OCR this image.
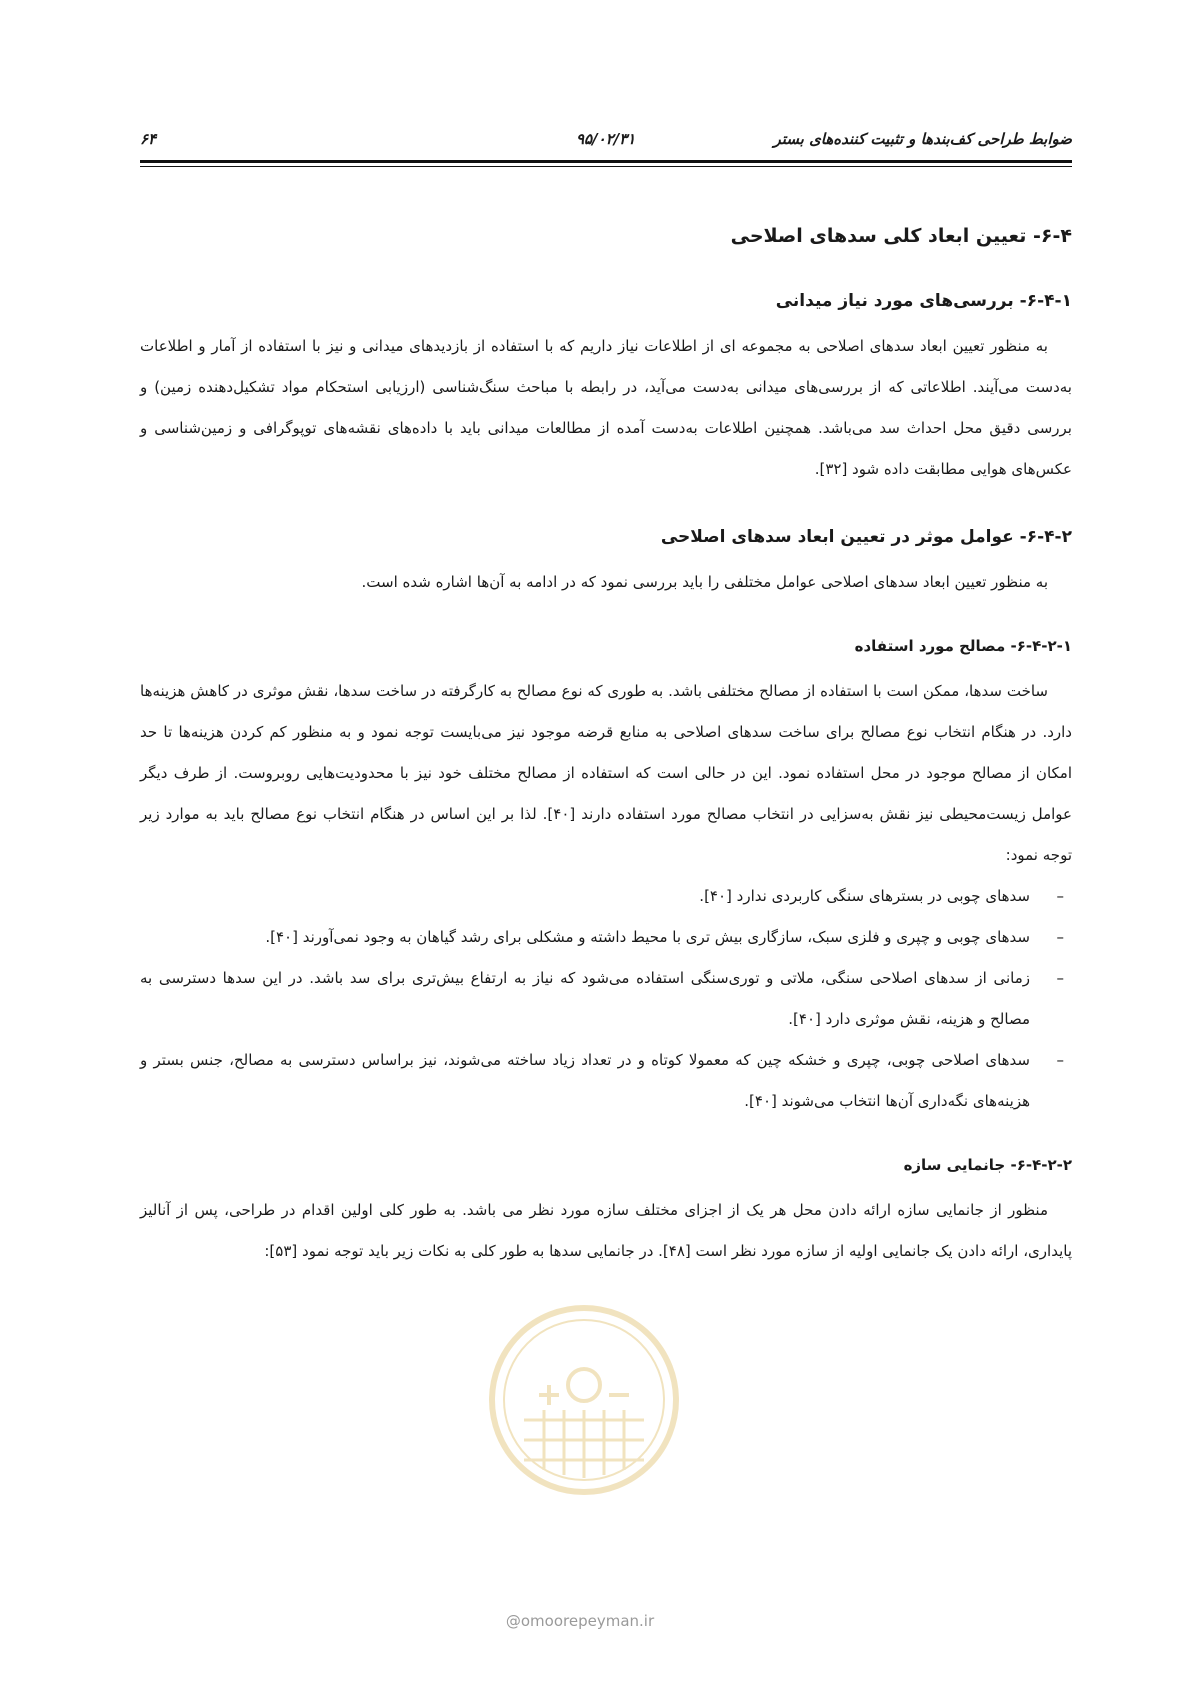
۶۴	۹۵/۰۲/۳۱	ضوابط طراحی کف‌بندها و تثبیت کننده‌های بستر
۶-۴- تعیین ابعاد کلی سدهای اصلاحی
۶-۴-۱- بررسی‌های مورد نیاز میدانی

به منظور تعیین ابعاد سدهای اصلاحی به مجموعه ای از اطلاعات نیاز داریم که با استفاده از بازدیدهای میدانی و نیز با استفاده از آمار و اطلاعات به‌دست می‌آیند. اطلاعاتی که از بررسی‌های میدانی به‌دست می‌آید، در رابطه با مباحث سنگ‌شناسی (ارزیابی استحکام مواد تشکیل‌دهنده زمین) و بررسی دقیق محل احداث سد می‌باشد. همچنین اطلاعات به‌دست آمده از مطالعات میدانی باید با داده‌های نقشه‌های توپوگرافی و زمین‌شناسی و عکس‌های هوایی مطابقت داده شود [۳۲].

۶-۴-۲- عوامل موثر در تعیین ابعاد سدهای اصلاحی

به منظور تعیین ابعاد سدهای اصلاحی عوامل مختلفی را باید بررسی نمود که در ادامه به آن‌ها اشاره شده است.

۶-۴-۲-۱- مصالح مورد استفاده

ساخت سدها، ممکن است با استفاده از مصالح مختلفی باشد. به طوری که نوع مصالح به کارگرفته در ساخت سدها، نقش موثری در کاهش هزینه‌ها دارد. در هنگام انتخاب نوع مصالح برای ساخت سدهای اصلاحی به منابع قرضه موجود نیز می‌بایست توجه نمود و به منظور کم کردن هزینه‌ها تا حد امکان از مصالح موجود در محل استفاده نمود. این در حالی است که استفاده از مصالح مختلف خود نیز با محدودیت‌هایی روبروست. از طرف دیگر عوامل زیست‌محیطی نیز نقش به‌سزایی در انتخاب مصالح مورد استفاده دارند [۴۰]. لذا بر این اساس در هنگام انتخاب نوع مصالح باید به موارد زیر توجه نمود:

–
سدهای چوبی در بسترهای سنگی کاربردی ندارد [۴۰].
–
سدهای چوبی و چپری و فلزی سبک، سازگاری بیش تری با محیط داشته و مشکلی برای رشد گیاهان به وجود نمی‌آورند [۴۰].
–
زمانی از سدهای اصلاحی سنگی، ملاتی و توری‌سنگی استفاده می‌شود که نیاز به ارتفاع بیش‌تری برای سد باشد. در این سدها دسترسی به مصالح و هزینه، نقش موثری دارد [۴۰].
–
سدهای اصلاحی چوبی، چپری و خشکه چین که معمولا کوتاه و در تعداد زیاد ساخته می‌شوند، نیز براساس دسترسی به مصالح، جنس بستر و هزینه‌های نگه‌داری آن‌ها انتخاب می‌شوند [۴۰].
۶-۴-۲-۲- جانمایی سازه

منظور از جانمایی سازه ارائه دادن محل هر یک از اجزای مختلف سازه مورد نظر می باشد. به طور کلی اولین اقدام در طراحی، پس از آنالیز پایداری، ارائه دادن یک جانمایی اولیه از سازه مورد نظر است [۴۸]. در جانمایی سدها به طور کلی به نکات زیر باید توجه نمود [۵۳]:

@omoorepeyman.ir
